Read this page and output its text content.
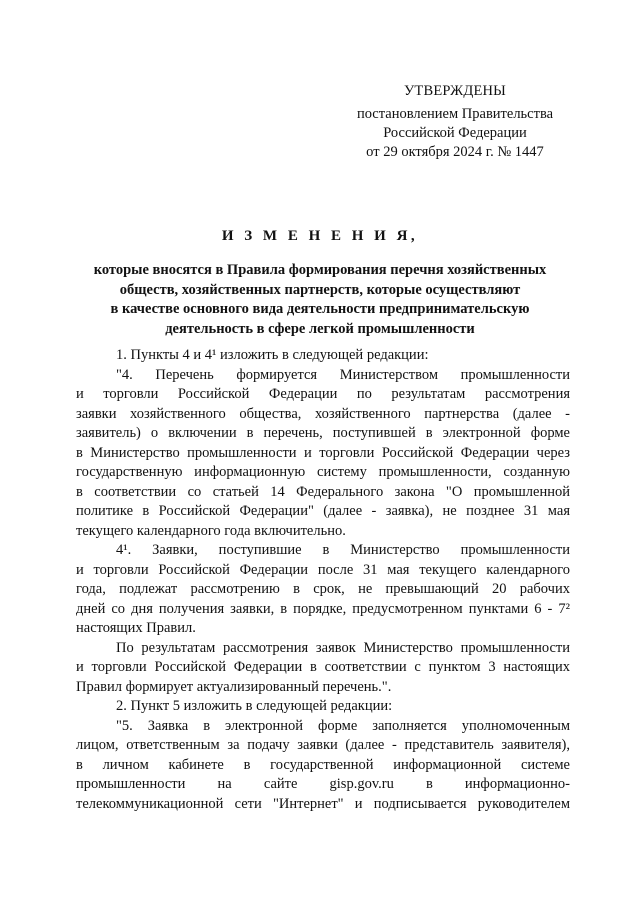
УТВЕРЖДЕНЫ
постановлением Правительства
Российской Федерации
от 29 октября 2024 г. № 1447
И З М Е Н Е Н И Я,
которые вносятся в Правила формирования перечня хозяйственных
обществ, хозяйственных партнерств, которые осуществляют
в качестве основного вида деятельности предпринимательскую
деятельность в сфере легкой промышленности
1. Пункты 4 и 4¹ изложить в следующей редакции:
"4. Перечень формируется Министерством промышленности
и торговли Российской Федерации по результатам рассмотрения
заявки хозяйственного общества, хозяйственного партнерства (далее -
заявитель) о включении в перечень, поступившей в электронной форме
в Министерство промышленности и торговли Российской Федерации через
государственную информационную систему промышленности, созданную
в соответствии со статьей 14 Федерального закона "О промышленной
политике в Российской Федерации" (далее - заявка), не позднее 31 мая
текущего календарного года включительно.
4¹. Заявки, поступившие в Министерство промышленности
и торговли Российской Федерации после 31 мая текущего календарного
года, подлежат рассмотрению в срок, не превышающий 20 рабочих
дней со дня получения заявки, в порядке, предусмотренном пунктами 6 - 7²
настоящих Правил.
По результатам рассмотрения заявок Министерство промышленности
и торговли Российской Федерации в соответствии с пунктом 3 настоящих
Правил формирует актуализированный перечень.".
2. Пункт 5 изложить в следующей редакции:
"5. Заявка в электронной форме заполняется уполномоченным
лицом, ответственным за подачу заявки (далее - представитель заявителя),
в личном кабинете в государственной информационной системе
промышленности на сайте gisp.gov.ru в информационно-
телекоммуникационной сети "Интернет" и подписывается руководителем
